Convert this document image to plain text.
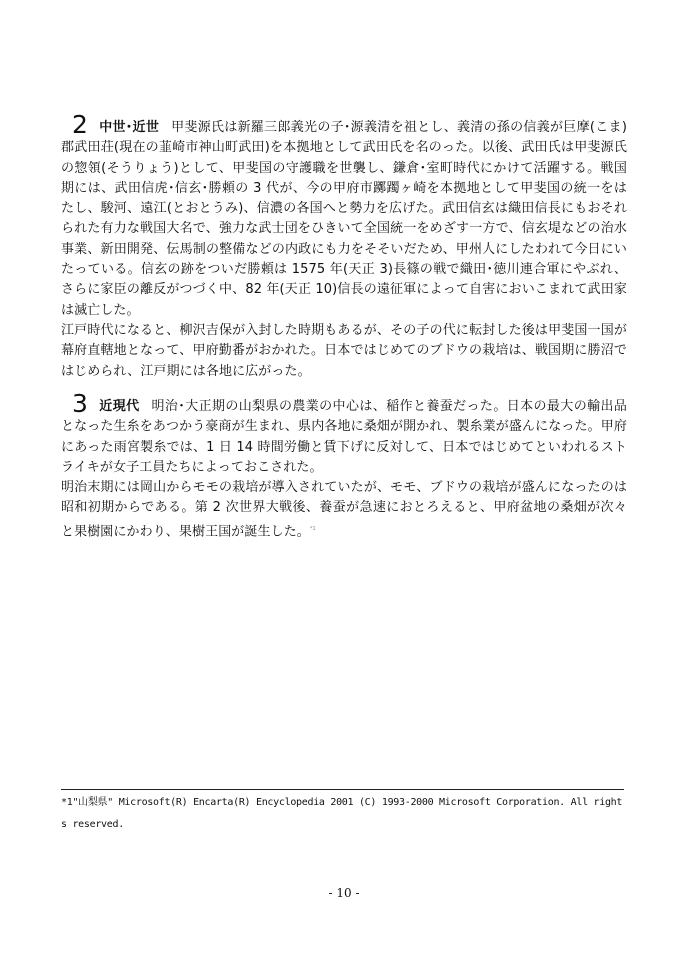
2 中世･近世 甲斐源氏は新羅三郎義光の子･源義清を祖とし、義清の孫の信義が巨摩(こま)郡武田荘(現在の韮崎市神山町武田)を本拠地として武田氏を名のった。以後、武田氏は甲斐源氏の惣領(そうりょう)として、甲斐国の守護職を世襲し、鎌倉･室町時代にかけて活躍する。戦国期には、武田信虎･信玄･勝頼の 3 代が、今の甲府市躑躅ヶ崎を本拠地として甲斐国の統一をはたし、駿河、遠江(とおとうみ)、信濃の各国へと勢力を広げた。武田信玄は織田信長にもおそれられた有力な戦国大名で、強力な武士団をひきいて全国統一をめざす一方で、信玄堤などの治水事業、新田開発、伝馬制の整備などの内政にも力をそそいだため、甲州人にしたわれて今日にいたっている。信玄の跡をついだ勝頼は 1575 年(天正 3)長篠の戦で織田･徳川連合軍にやぶれ、さらに家臣の離反がつづく中、82 年(天正 10)信長の遠征軍によって自害においこまれて武田家は滅亡した。

江戸時代になると、柳沢吉保が入封した時期もあるが、その子の代に転封した後は甲斐国一国が幕府直轄地となって、甲府勤番がおかれた。日本ではじめてのブドウの栽培は、戦国期に勝沼ではじめられ、江戸期には各地に広がった。

3 近現代 明治･大正期の山梨県の農業の中心は、稲作と養蚕だった。日本の最大の輸出品となった生糸をあつかう豪商が生まれ、県内各地に桑畑が開かれ、製糸業が盛んになった。甲府にあった雨宮製糸では、1 日 14 時間労働と賃下げに反対して、日本ではじめてといわれるストライキが女子工員たちによっておこされた。

明治末期には岡山からモモの栽培が導入されていたが、モモ、ブドウの栽培が盛んになったのは昭和初期からである。第 2 次世界大戦後、養蚕が急速におとろえると、甲府盆地の桑畑が次々と果樹園にかわり、果樹王国が誕生した。$^{*1}$

*1"山梨県" Microsoft(R) Encarta(R) Encyclopedia 2001 (C) 1993-2000 Microsoft Corporation. All rights reserved.
- 10 -
